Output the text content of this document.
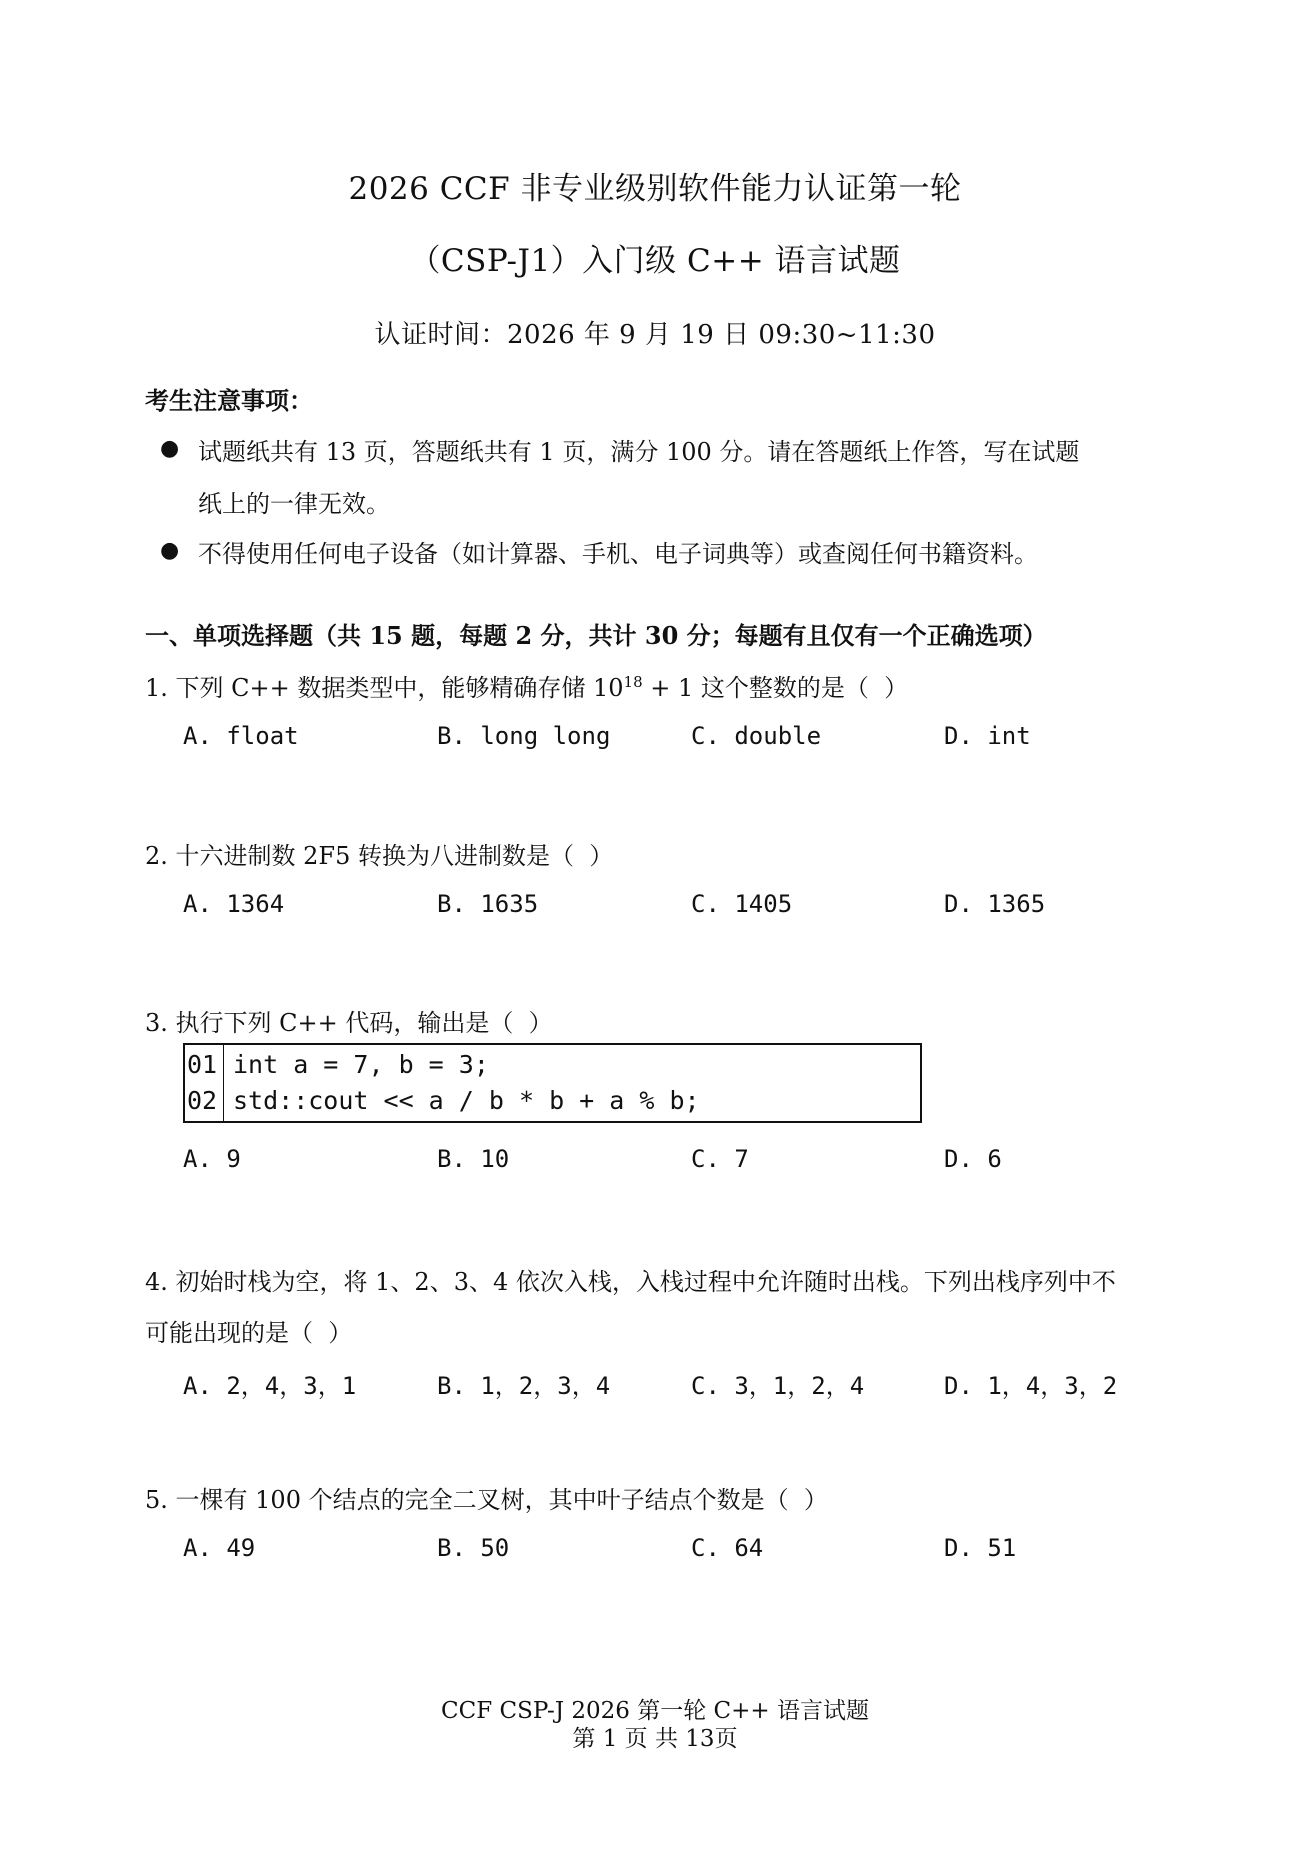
2026 CCF 非专业级别软件能力认证第一轮
（CSP-J1）入门级 C++ 语言试题
认证时间：2026 年 9 月 19 日 09:30~11:30
考生注意事项：
● 试题纸共有 13 页，答题纸共有 1 页，满分 100 分。请在答题纸上作答，写在试题
纸上的一律无效。
● 不得使用任何电子设备（如计算器、手机、电子词典等）或查阅任何书籍资料。
一、单项选择题（共 15 题，每题 2 分，共计 30 分；每题有且仅有一个正确选项）
1. 下列 C++ 数据类型中，能够精确存储 $10^{18} + 1$ 这个整数的是（  ）
A. float	B. long long	C. double	D. int
2. 十六进制数 2F5 转换为八进制数是（  ）
A. 1364	B. 1635	C. 1405	D. 1365
3. 执行下列 C++ 代码，输出是（  ）
01 int a = 7, b = 3;
02 std::cout << a / b * b + a % b;
A. 9	B. 10	C. 7	D. 6
4. 初始时栈为空，将 1、2、3、4 依次入栈，入栈过程中允许随时出栈。下列出栈序列中不
可能出现的是（  ）
A. 2，4，3，1	B. 1，2，3，4	C. 3，1，2，4	D. 1，4，3，2
5. 一棵有 100 个结点的完全二叉树，其中叶子结点个数是（  ）
A. 49	B. 50	C. 64	D. 51
CCF CSP-J 2026 第一轮 C++ 语言试题
第 1 页 共 13页
